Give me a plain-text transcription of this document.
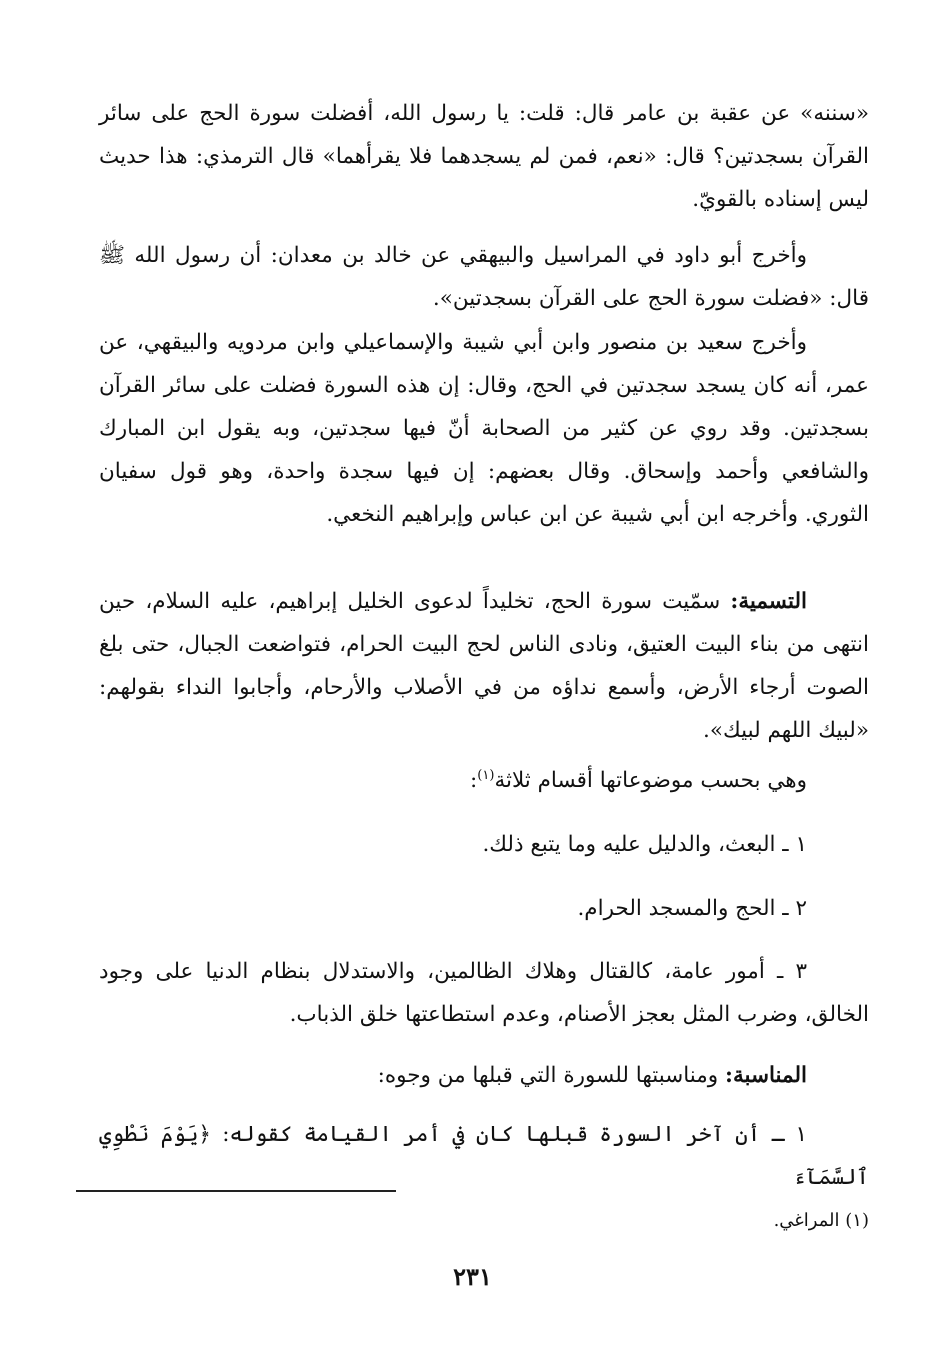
«سننه» عن عقبة بن عامر قال: قلت: يا رسول الله، أفضلت سورة الحج على سائر القرآن بسجدتين؟ قال: «نعم، فمن لم يسجدهما فلا يقرأهما» قال الترمذي: هذا حديث ليس إسناده بالقويّ.

وأخرج أبو داود في المراسيل والبيهقي عن خالد بن معدان: أن رسول الله ﷺ قال: «فضلت سورة الحج على القرآن بسجدتين».

وأخرج سعيد بن منصور وابن أبي شيبة والإسماعيلي وابن مردويه والبيقهي، عن عمر، أنه كان يسجد سجدتين في الحج، وقال: إن هذه السورة فضلت على سائر القرآن بسجدتين. وقد روي عن كثير من الصحابة أنّ فيها سجدتين، وبه يقول ابن المبارك والشافعي وأحمد وإسحاق. وقال بعضهم: إن فيها سجدة واحدة، وهو قول سفيان الثوري. وأخرجه ابن أبي شيبة عن ابن عباس وإبراهيم النخعي.

التسمية: سمّيت سورة الحج، تخليداً لدعوى الخليل إبراهيم، عليه السلام، حين انتهى من بناء البيت العتيق، ونادى الناس لحج البيت الحرام، فتواضعت الجبال، حتى بلغ الصوت أرجاء الأرض، وأسمع نداؤه من في الأصلاب والأرحام، وأجابوا النداء بقولهم: «لبيك اللهم لبيك».

وهي بحسب موضوعاتها أقسام ثلاثة$^{(١)}$:

١ ـ البعث، والدليل عليه وما يتبع ذلك.

٢ ـ الحج والمسجد الحرام.

٣ ـ أمور عامة، كالقتال وهلاك الظالمين، والاستدلال بنظام الدنيا على وجود الخالق، وضرب المثل بعجز الأصنام، وعدم استطاعتها خلق الذباب.

المناسبة: ومناسبتها للسورة التي قبلها من وجوه:

١ ـ أن آخر السورة قبلها كان في أمر القيامة كقوله: ﴿يَوْمَ نَطْوِي ٱلسَّمَآءَ

(١) المراغي.
٢٣١
